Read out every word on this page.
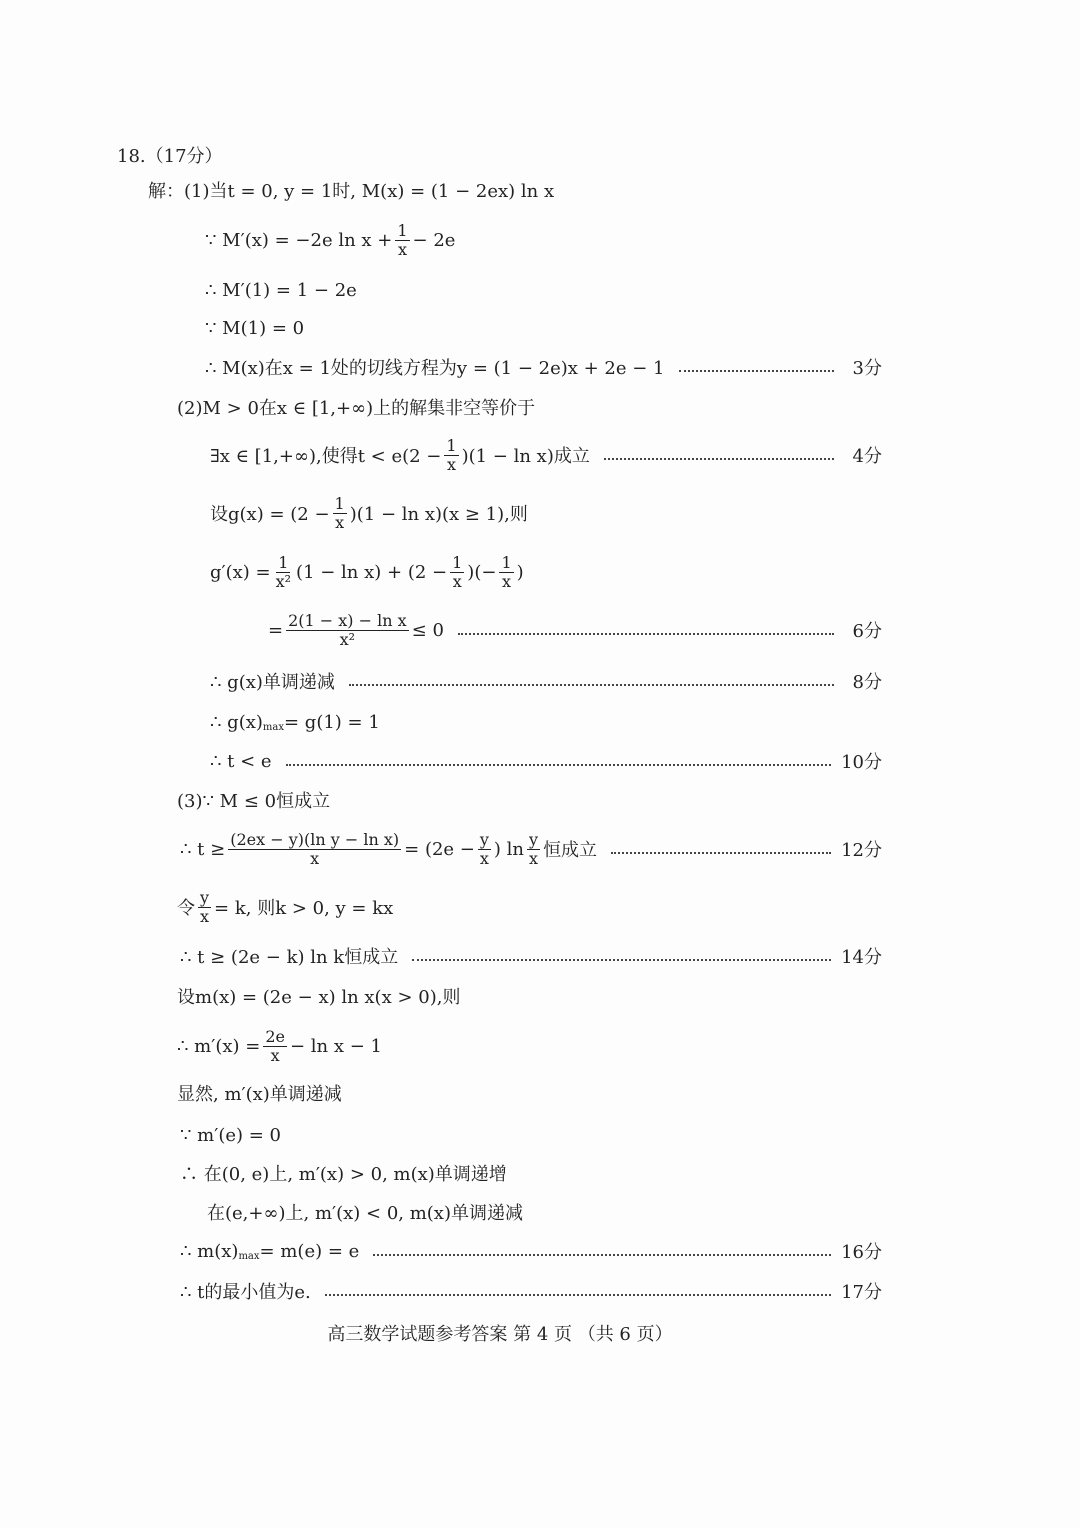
18.（17分）
解：(1)当t = 0, y = 1时, M(x) = (1 − 2ex) ln x
∵ M′(x) = −2e $\ln x + \frac{1}{x} - 2e$
∴ M′(1) = 1 − 2e
∵ M(1) = 0
∴ M(x)在x = 1处的切线方程为y = (1 − 2e)x + 2e − 1	3分
(2)M > 0在x ∈ [1,+∞)上的解集非空等价于
∃x ∈ [1,+∞),使得$t < e(2 - \frac{1}{x} )(1 - \ln x)$成立	4分
设$g(x) = (2 - \frac{1}{x} )(1 - \ln x)(x \ge 1)$,则
$g'(x) = \frac{1}{\text{x²}} (1 - \ln x) + (2 - \frac{1}{x}$ )(− $\frac{1}{x}$ )
= $\frac{\text{2(1 − x) − ln x}}{\text{x²}} \le 0$	6分
∴ g(x)单调递减	8分
∴ g(x) max = g(1) = 1
∴ t < e	10分
(3)∵ M ≤ 0恒成立
∴ $t \ge \frac{\text{(2ex − y)(ln y − ln x)}}{x} = (2e - \frac{y}{x}$ ) $\ln \frac{y}{x}$ 恒成立	12分
令 $\frac{y}{x} = k$, 则k > 0, y = kx
∴ t ≥ (2e − k) ln k恒成立	14分
设m(x) = (2e − x) ln x(x > 0),则
∴ $m'(x) = \frac{2e}{x} - \ln x - 1$
显然, m′(x)单调递减
∵ m′(e) = 0
∴ 在(0, e)上, m′(x) > 0, m(x)单调递增
在(e,+∞)上, m′(x) < 0, m(x)单调递减
∴ m(x) max = m(e) = e	16分
∴ t的最小值为e.	17分
高三数学试题参考答案 第 4 页 （共 6 页）
